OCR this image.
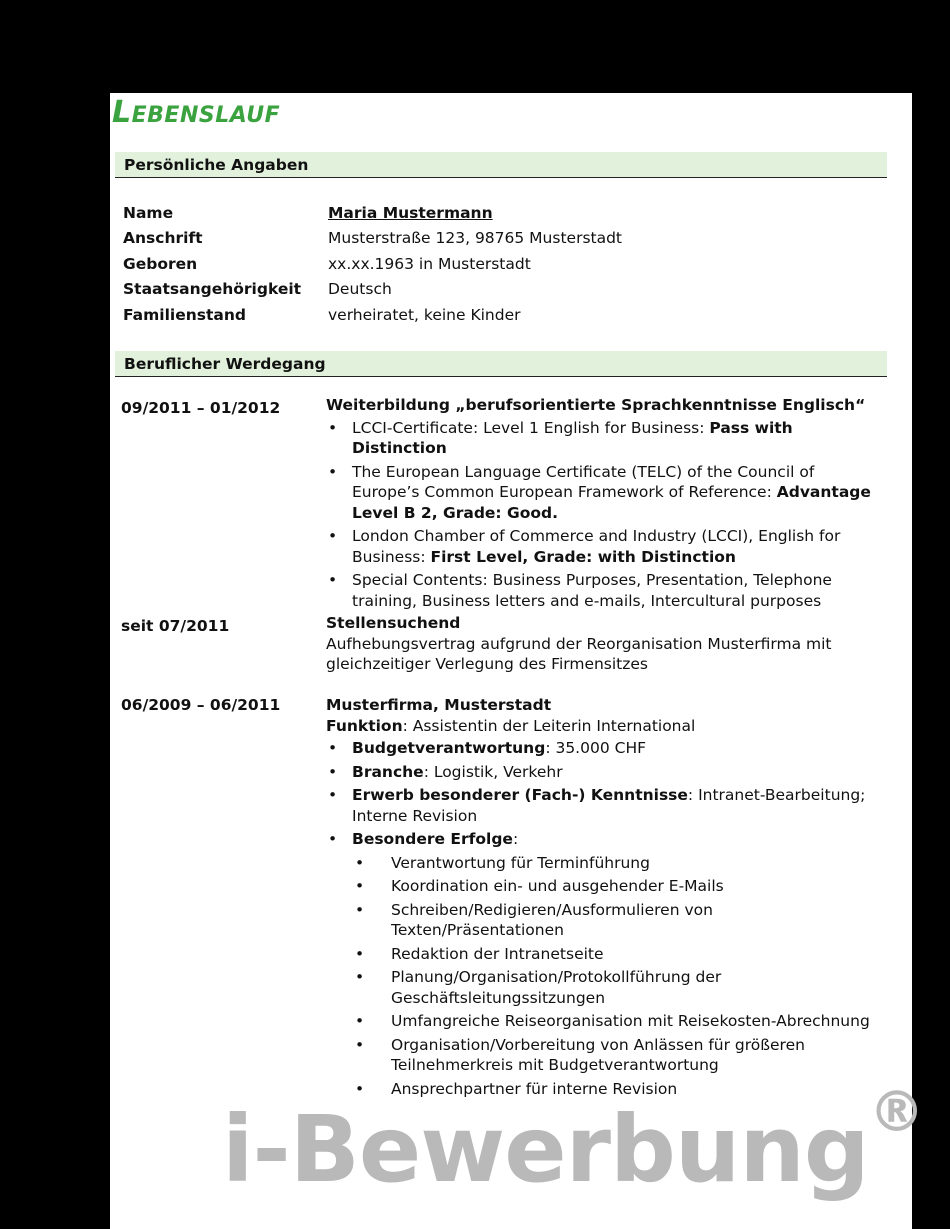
LEBENSLAUF
Persönliche Angaben
Name	Maria Mustermann
Anschrift	Musterstraße 123, 98765 Musterstadt
Geboren	xx.xx.1963 in Musterstadt
Staatsangehörigkeit Deutsch
Familienstand	verheiratet, keine Kinder
Beruflicher Werdegang
09/2011 – 01/2012	Weiterbildung „berufsorientierte Sprachkenntnisse Englisch“
• LCCI-Certificate: Level 1 English for Business: Pass with Distinction
• The European Language Certificate (TELC) of the Council of Europe’s Common European Framework of Reference: Advantage Level B 2, Grade: Good.
• London Chamber of Commerce and Industry (LCCI), English for Business: First Level, Grade: with Distinction
• Special Contents: Business Purposes, Presentation, Telephone training, Business letters and e-mails, Intercultural purposes
seit 07/2011	Stellensuchend
Aufhebungsvertrag aufgrund der Reorganisation Musterfirma mit gleichzeitiger Verlegung des Firmensitzes
06/2009 – 06/2011	Musterfirma, Musterstadt
Funktion: Assistentin der Leiterin International
• Budgetverantwortung: 35.000 CHF
• Branche: Logistik, Verkehr
• Erwerb besonderer (Fach-) Kenntnisse: Intranet-Bearbeitung; Interne Revision
• Besondere Erfolge:
• Verantwortung für Terminführung
• Koordination ein- und ausgehender E-Mails
• Schreiben/Redigieren/Ausformulieren von Texten/Präsentationen
• Redaktion der Intranetseite
• Planung/Organisation/Protokollführung der Geschäftsleitungssitzungen
• Umfangreiche Reiseorganisation mit Reisekosten-Abrechnung
• Organisation/Vorbereitung von Anlässen für größeren Teilnehmerkreis mit Budgetverantwortung
• Ansprechpartner für interne Revision
i-Bewerbung®
